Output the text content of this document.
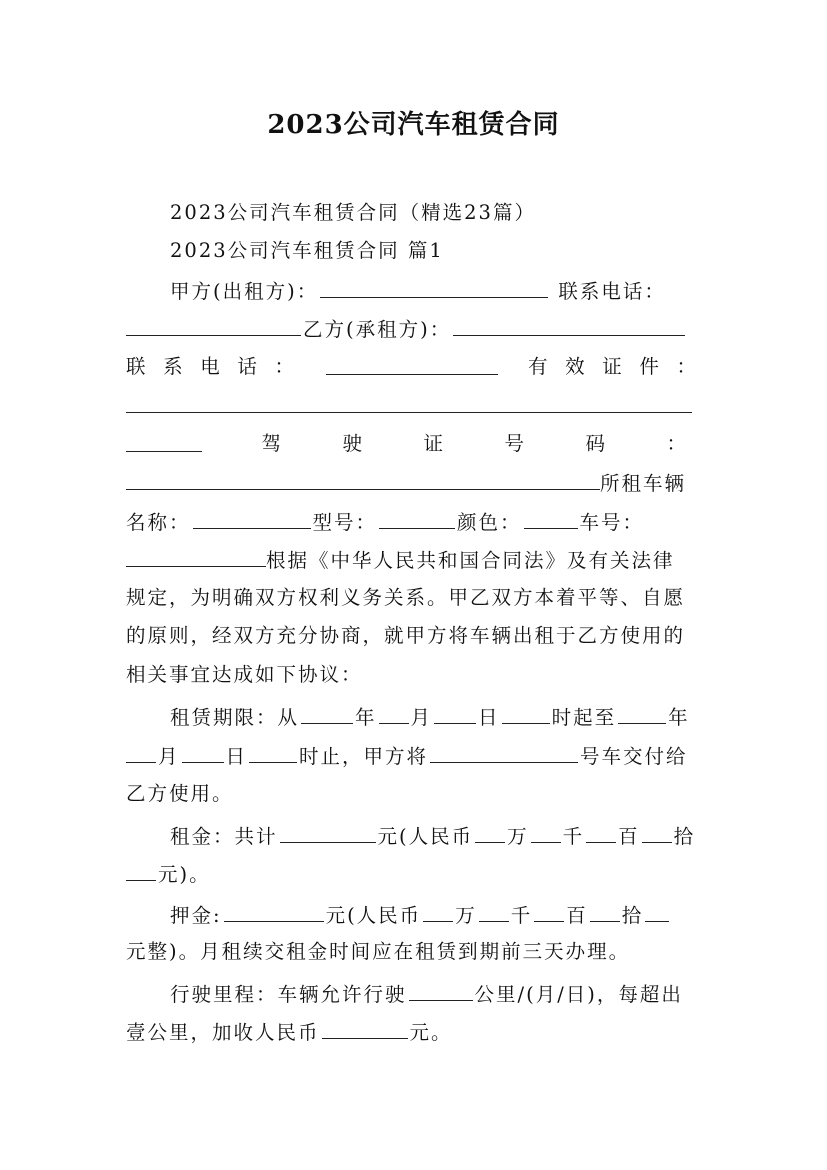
2023公司汽车租赁合同
2023公司汽车租赁合同（精选23篇）
2023公司汽车租赁合同 篇1
甲方(出租方)：	联系电话：
乙方(承租方)：
联 系 电 话 ：	有 效 证 件 ：
驾	驶	证	号	码	：
所租车辆
名称：	型号：	颜色：	车号：
根据《中华人民共和国合同法》及有关法律
规定，为明确双方权利义务关系。甲乙双方本着平等、自愿
的原则，经双方充分协商，就甲方将车辆出租于乙方使用的
相关事宜达成如下协议：
租赁期限：从	年 月 日	时起至	年
月 日	时止，甲方将	号车交付给
乙方使用。
租金：共计	元(人民币 万 千 百 拾
元)。
押金:	元(人民币 万 千 百 拾
元整)。月租续交租金时间应在租赁到期前三天办理。
行驶里程：车辆允许行驶	公里/(月/日)，每超出
壹公里，加收人民币	元。
